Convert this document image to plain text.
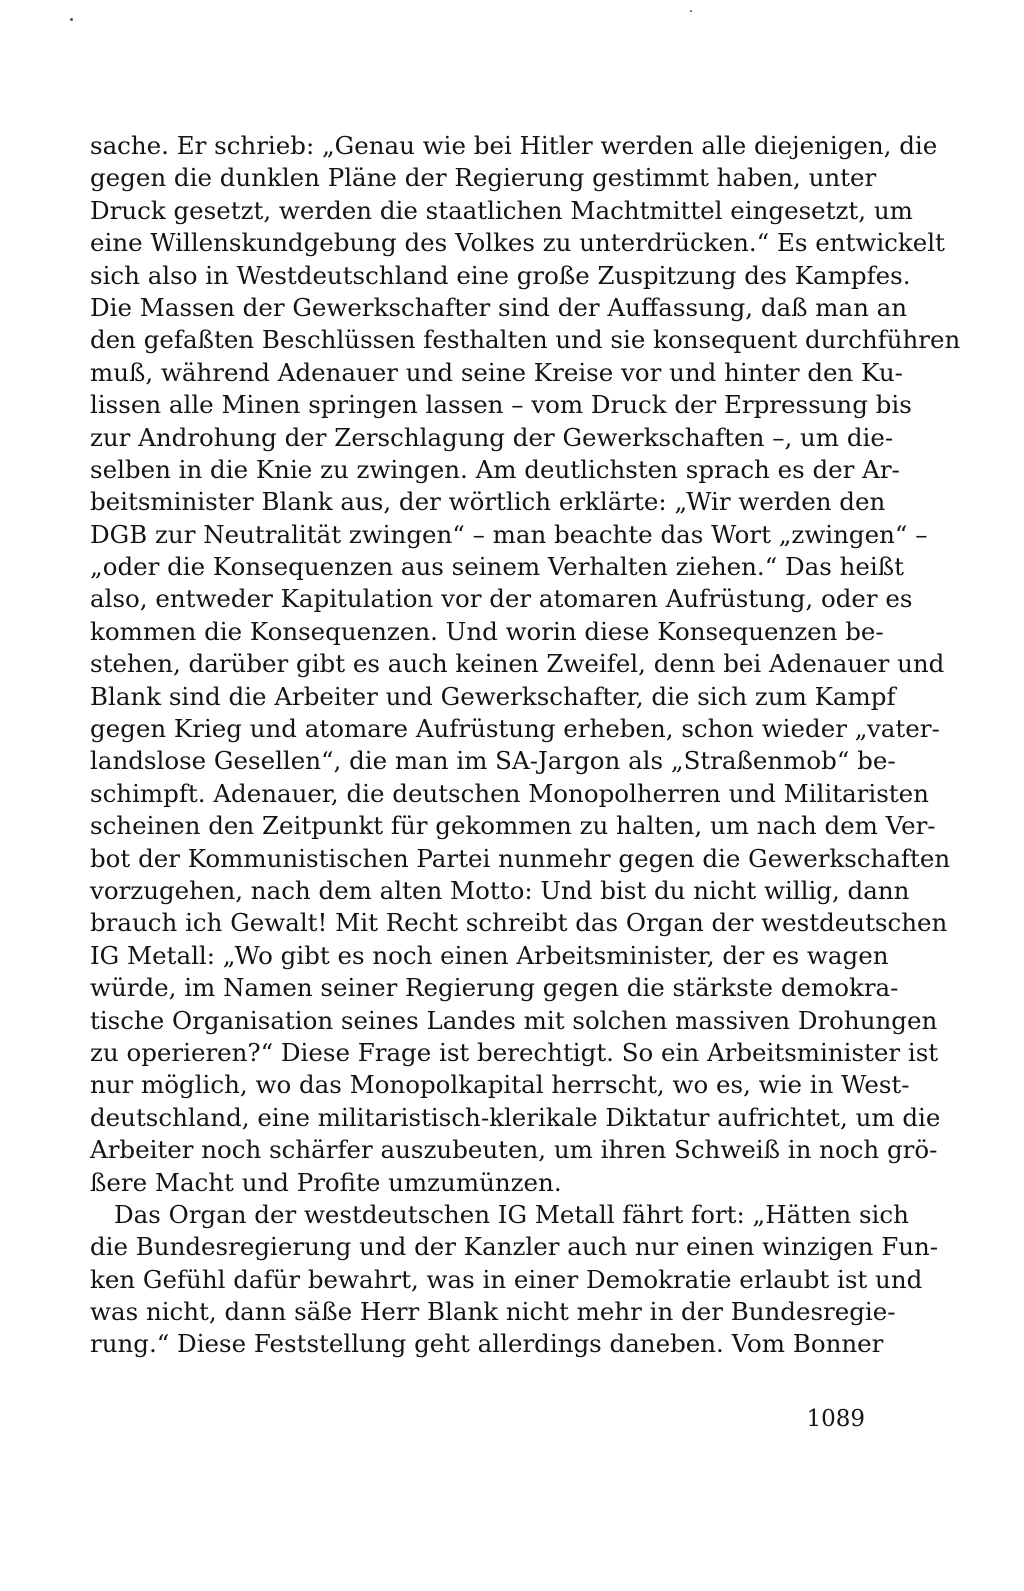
sache. Er schrieb: „Genau wie bei Hitler werden alle diejenigen, die
gegen die dunklen Pläne der Regierung gestimmt haben, unter
Druck gesetzt, werden die staatlichen Machtmittel eingesetzt, um
eine Willenskundgebung des Volkes zu unterdrücken.“ Es entwickelt
sich also in Westdeutschland eine große Zuspitzung des Kampfes.
Die Massen der Gewerkschafter sind der Auffassung, daß man an
den gefaßten Beschlüssen festhalten und sie konsequent durchführen
muß, während Adenauer und seine Kreise vor und hinter den Ku-
lissen alle Minen springen lassen – vom Druck der Erpressung bis
zur Androhung der Zerschlagung der Gewerkschaften –, um die-
selben in die Knie zu zwingen. Am deutlichsten sprach es der Ar-
beitsminister Blank aus, der wörtlich erklärte: „Wir werden den
DGB zur Neutralität zwingen“ – man beachte das Wort „zwingen“ –
„oder die Konsequenzen aus seinem Verhalten ziehen.“ Das heißt
also, entweder Kapitulation vor der atomaren Aufrüstung, oder es
kommen die Konsequenzen. Und worin diese Konsequenzen be-
stehen, darüber gibt es auch keinen Zweifel, denn bei Adenauer und
Blank sind die Arbeiter und Gewerkschafter, die sich zum Kampf
gegen Krieg und atomare Aufrüstung erheben, schon wieder „vater-
landslose Gesellen“, die man im SA-Jargon als „Straßenmob“ be-
schimpft. Adenauer, die deutschen Monopolherren und Militaristen
scheinen den Zeitpunkt für gekommen zu halten, um nach dem Ver-
bot der Kommunistischen Partei nunmehr gegen die Gewerkschaften
vorzugehen, nach dem alten Motto: Und bist du nicht willig, dann
brauch ich Gewalt! Mit Recht schreibt das Organ der westdeutschen
IG Metall: „Wo gibt es noch einen Arbeitsminister, der es wagen
würde, im Namen seiner Regierung gegen die stärkste demokra-
tische Organisation seines Landes mit solchen massiven Drohungen
zu operieren?“ Diese Frage ist berechtigt. So ein Arbeitsminister ist
nur möglich, wo das Monopolkapital herrscht, wo es, wie in West-
deutschland, eine militaristisch-klerikale Diktatur aufrichtet, um die
Arbeiter noch schärfer auszubeuten, um ihren Schweiß in noch grö-
ßere Macht und Profite umzumünzen.
Das Organ der westdeutschen IG Metall fährt fort: „Hätten sich
die Bundesregierung und der Kanzler auch nur einen winzigen Fun-
ken Gefühl dafür bewahrt, was in einer Demokratie erlaubt ist und
was nicht, dann säße Herr Blank nicht mehr in der Bundesregie-
rung.“ Diese Feststellung geht allerdings daneben. Vom Bonner
1089
